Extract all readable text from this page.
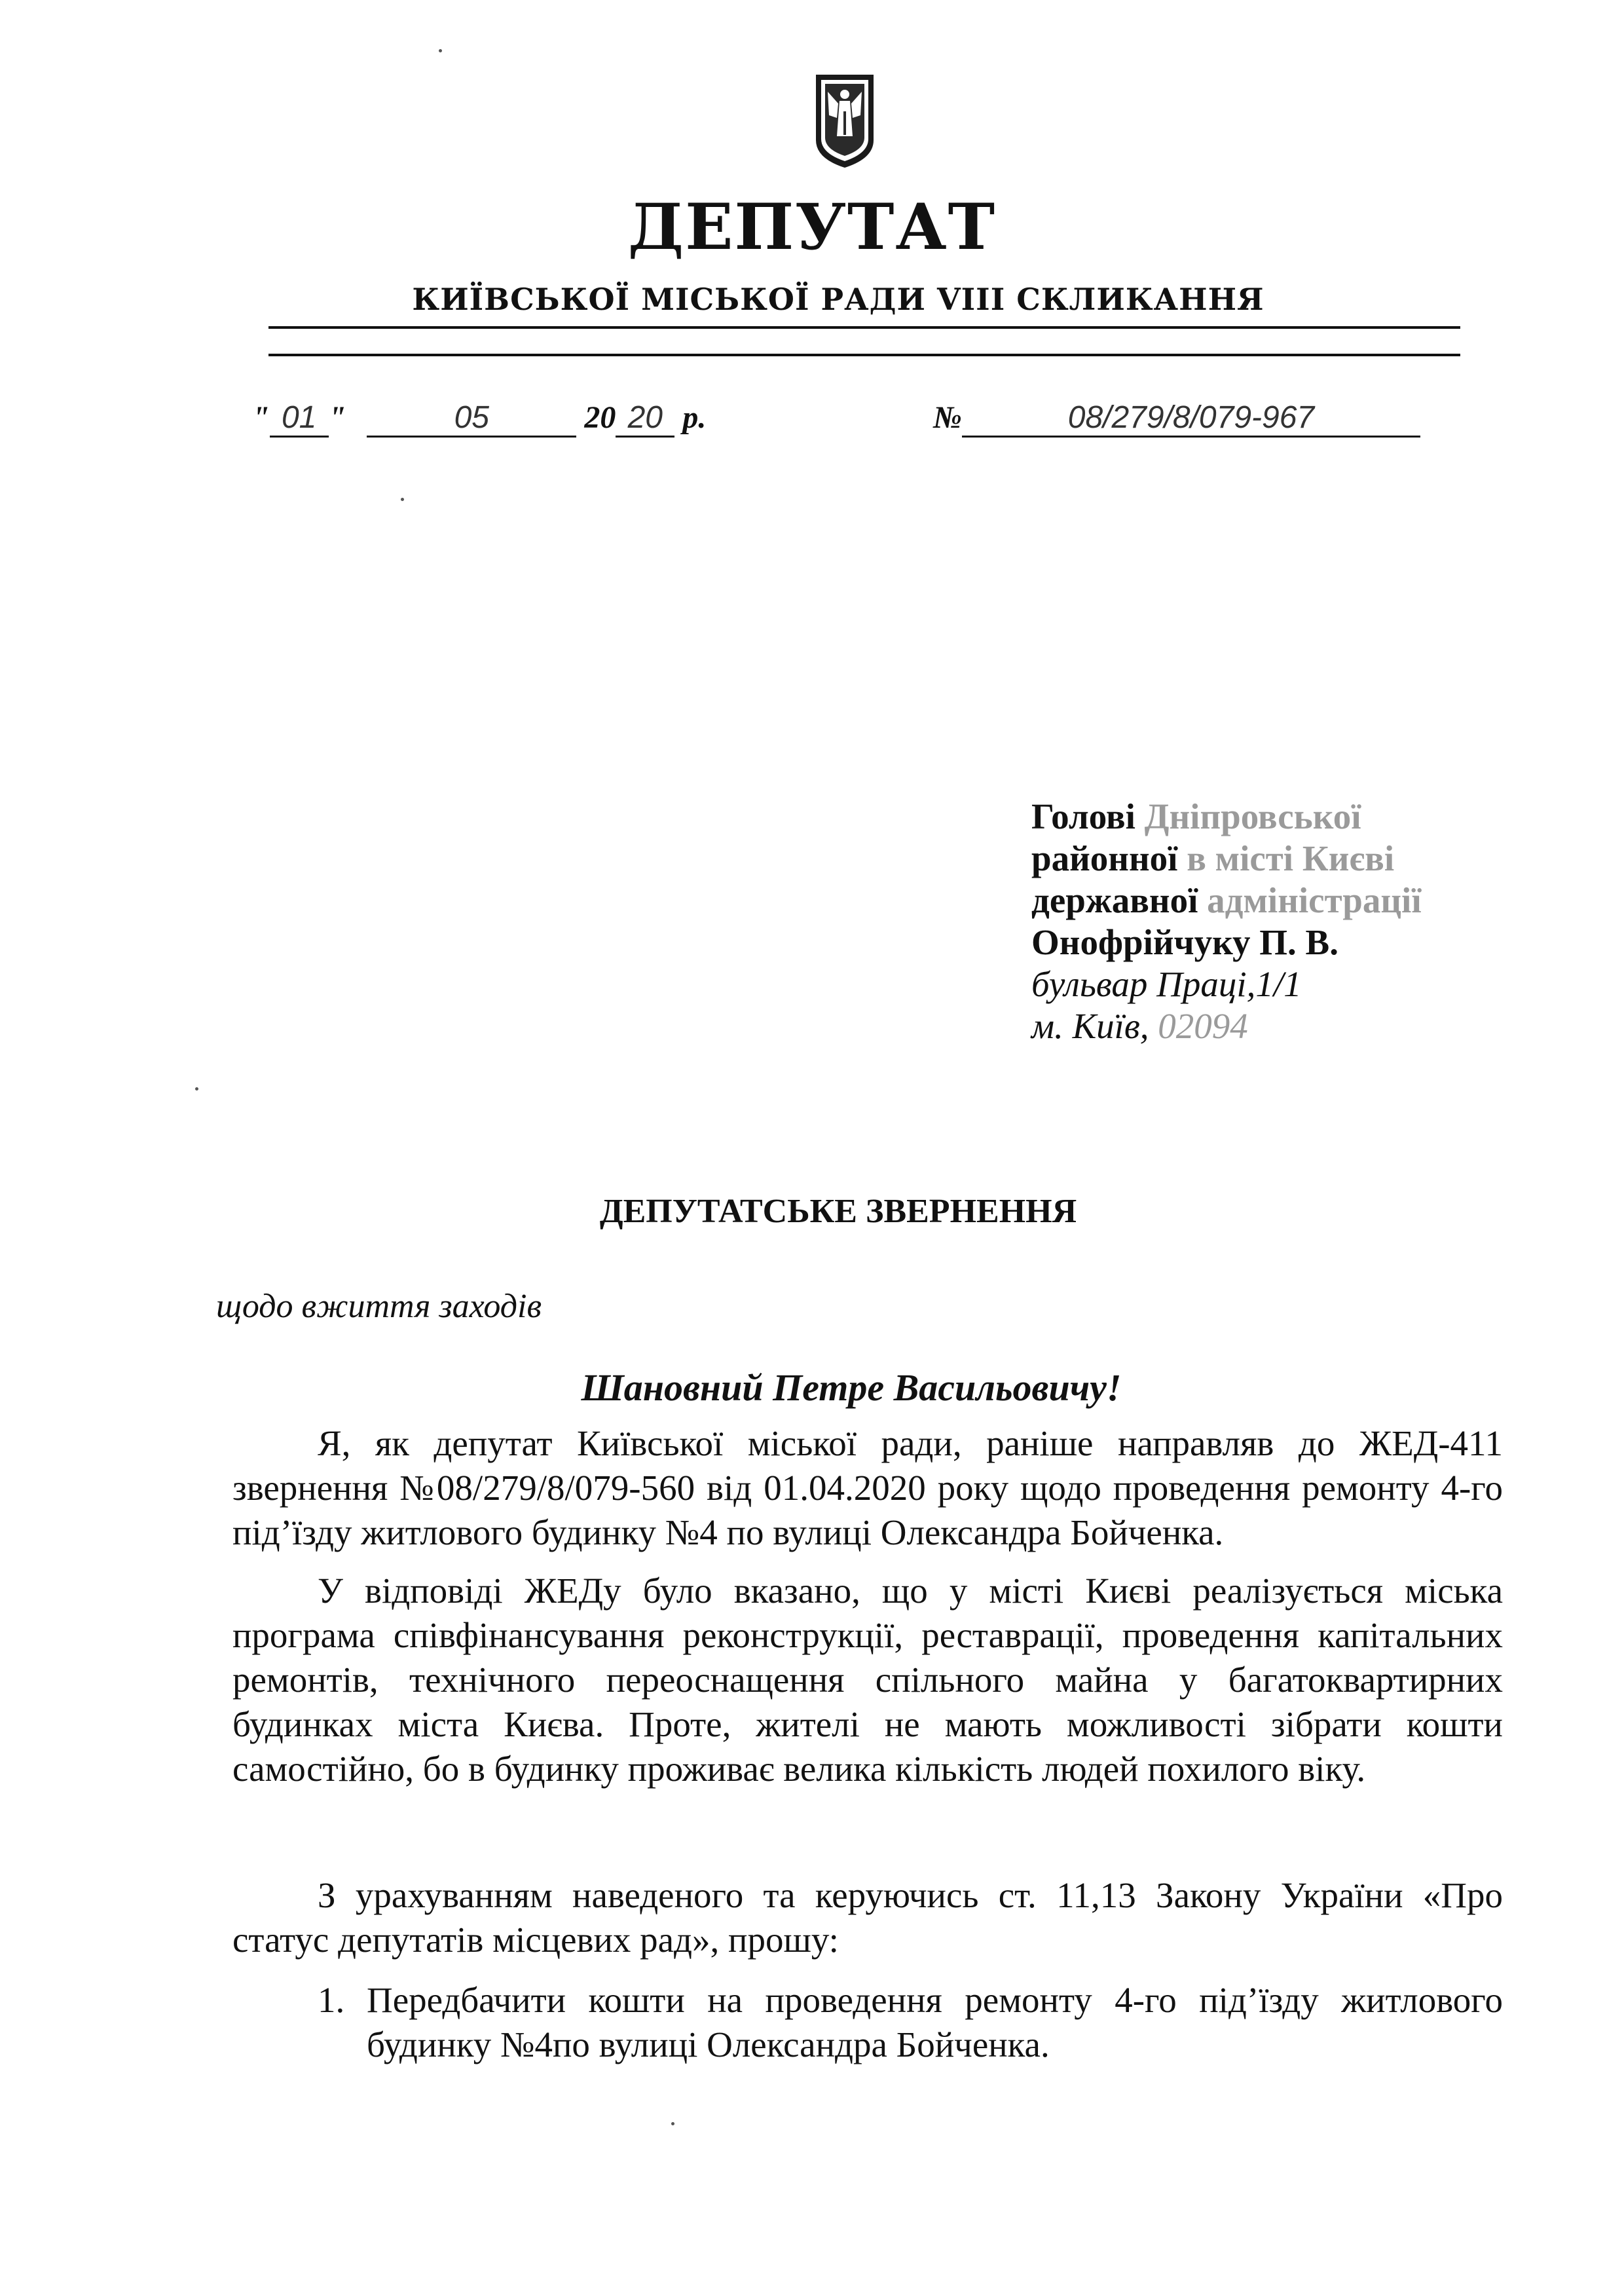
ДЕПУТАТ
КИЇВСЬКОЇ МІСЬКОЇ РАДИ VIII СКЛИКАННЯ
" 01 "	05	20 20 р.	№	08/279/8/079-967
Голові Дніпровської
районної в місті Києві
державної адміністрації
Онофрійчуку П. В.
бульвар Праці,1/1
м. Київ, 02094
ДЕПУТАТСЬКЕ ЗВЕРНЕННЯ
щодо вжиття заходів
Шановний Петре Васильовичу!

Я, як депутат Київської міської ради, раніше направляв до ЖЕД-411 звернення №08/279/8/079-560 від 01.04.2020 року щодо проведення ремонту 4-го під’їзду житлового будинку №4 по вулиці Олександра Бойченка.

У відповіді ЖЕДу було вказано, що у місті Києві реалізується міська програма співфінансування реконструкції, реставрації, проведення капітальних ремонтів, технічного переоснащення спільного майна у багатоквартирних будинках міста Києва. Проте, жителі не мають можливості зібрати кошти самостійно, бо в будинку проживає велика кількість людей похилого віку.

З урахуванням наведеного та керуючись ст. 11,13 Закону України «Про статус депутатів місцевих рад», прошу:

1. Передбачити кошти на проведення ремонту 4-го під’їзду житлового будинку №4по вулиці Олександра Бойченка.
